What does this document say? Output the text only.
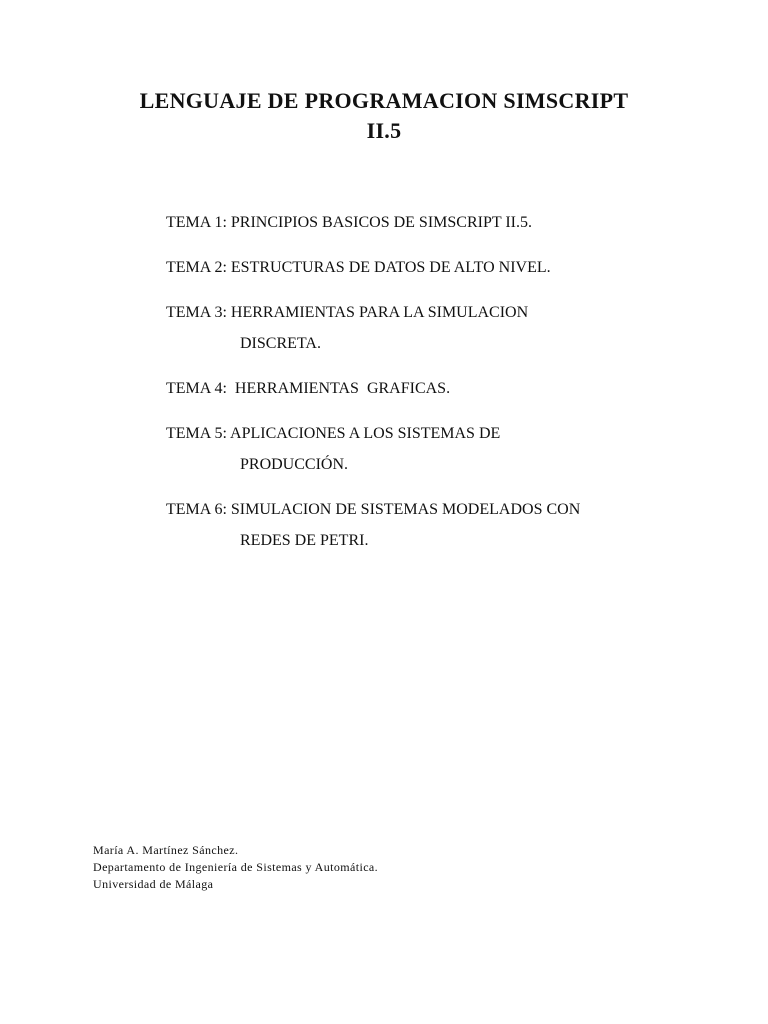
LENGUAJE DE PROGRAMACION SIMSCRIPT
II.5
TEMA 1: PRINCIPIOS BASICOS DE SIMSCRIPT II.5.
TEMA 2: ESTRUCTURAS DE DATOS DE ALTO NIVEL.
TEMA 3: HERRAMIENTAS PARA LA SIMULACION
DISCRETA.
TEMA 4:  HERRAMIENTAS  GRAFICAS.
TEMA 5: APLICACIONES A LOS SISTEMAS DE
PRODUCCIÓN.
TEMA 6: SIMULACION DE SISTEMAS MODELADOS CON
REDES DE PETRI.
María A. Martínez Sánchez.
Departamento de Ingeniería de Sistemas y Automática.
Universidad de Málaga
